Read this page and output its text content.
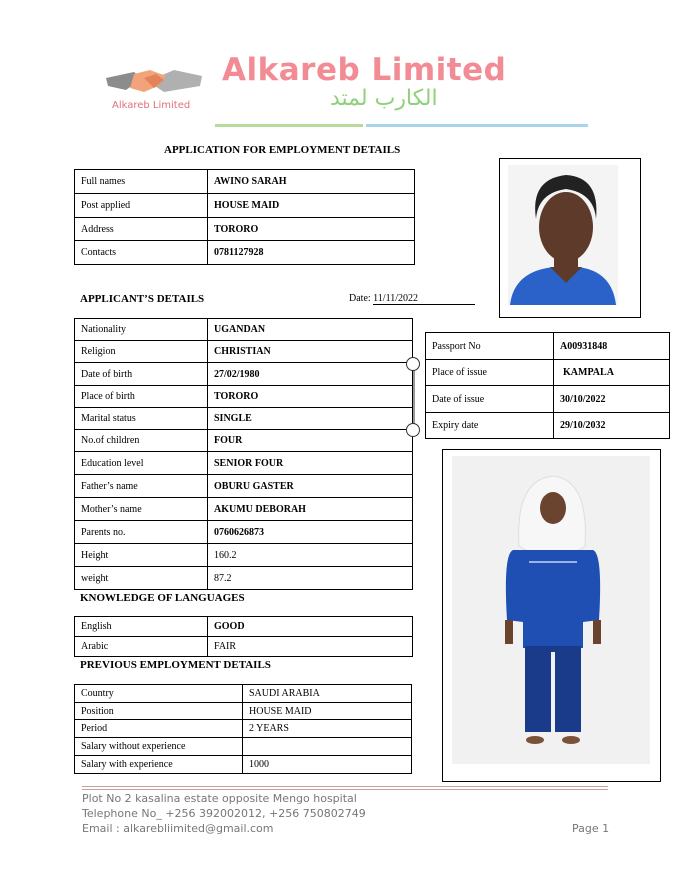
Alkareb Limited
Alkareb Limited
الكارب لمتد
APPLICATION FOR EMPLOYMENT DETAILS
Full names	AWINO SARAH
Post applied	HOUSE MAID
Address	TORORO
Contacts	0781127928
APPLICANT’S DETAILS	Date: 11/11/2022
Nationality	UGANDAN
Religion	CHRISTIAN
Date of birth	27/02/1980
Place of birth	TORORO
Marital status	SINGLE
No.of children	FOUR
Education level	SENIOR FOUR
Father’s name	OBURU GASTER
Mother’s name	AKUMU DEBORAH
Parents no.	0760626873
Height	160.2
weight	87.2
Passport No	A00931848
Place of issue	KAMPALA
Date of issue	30/10/2022
Expiry date	29/10/2032
KNOWLEDGE OF LANGUAGES
English	GOOD
Arabic	FAIR
PREVIOUS EMPLOYMENT DETAILS
Country	SAUDI ARABIA
Position	HOUSE MAID
Period	2 YEARS
Salary without experience	
Salary with experience	1000
Plot No 2 kasalina estate opposite Mengo hospital
Telephone No_ +256 392002012, +256 750802749
Email : alkarebliimited@gmail.com	Page 1
